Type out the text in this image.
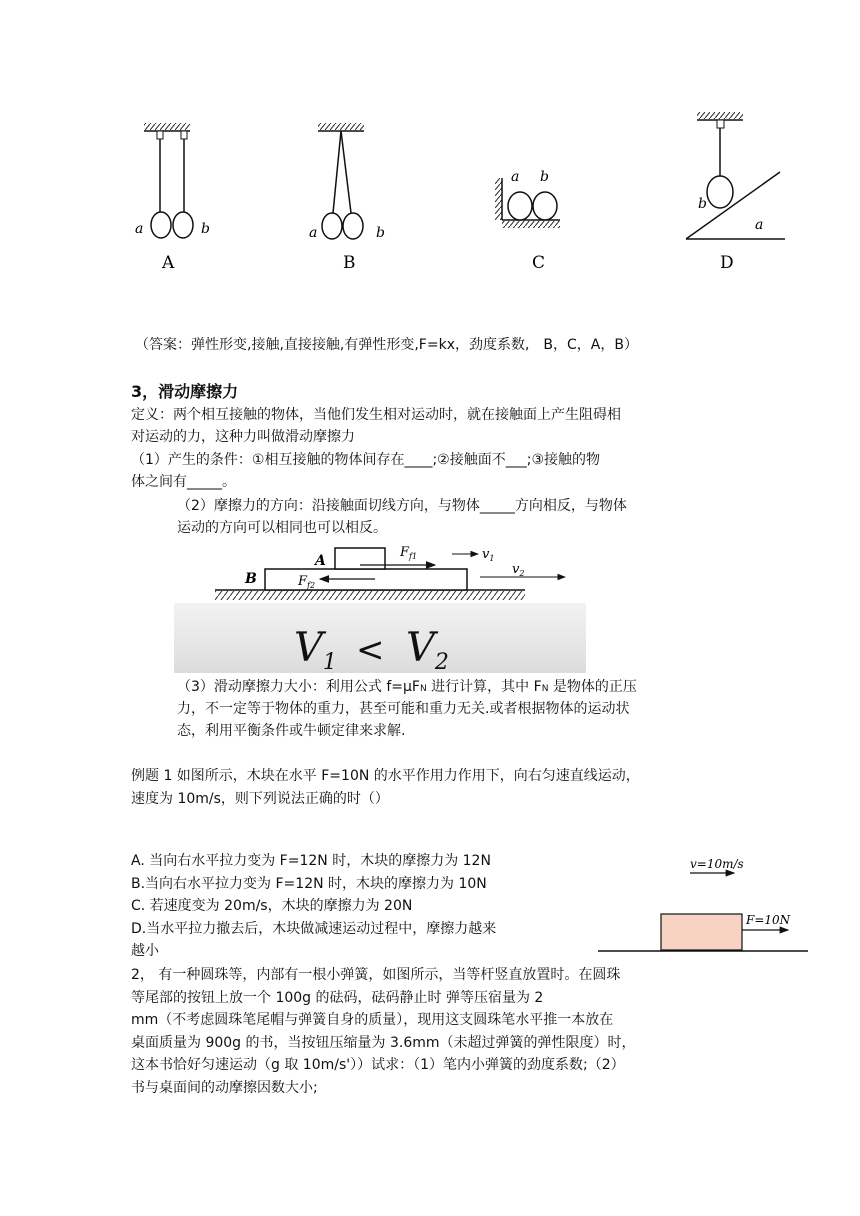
a	b
A
a	b
B
a b
C
b
a
D
（答案：弹性形变,接触,直接接触,有弹性形变,F=kx，劲度系数,　B，C，A，B）
3，滑动摩擦力
定义：两个相互接触的物体，当他们发生相对运动时，就在接触面上产生阻碍相
对运动的力，这种力叫做滑动摩擦力
（1）产生的条件：①相互接触的物体间存在____;②接触面不___;③接触的物
体之间有_____。
（2）摩擦力的方向：沿接触面切线方向，与物体_____方向相反，与物体
运动的方向可以相同也可以相反。
A
B
$F_{f1}$	$v_1$
$F_{f2}$
$v_2$
$V_1 < V_2$
（3）滑动摩擦力大小：利用公式 f=μFN 进行计算，其中 FN 是物体的正压
力，不一定等于物体的重力，甚至可能和重力无关.或者根据物体的运动状
态，利用平衡条件或牛顿定律来求解.
例题 1 如图所示，木块在水平 F=10N 的水平作用力作用下，向右匀速直线运动，
速度为 10m/s，则下列说法正确的时（）
A. 当向右水平拉力变为 F=12N 时，木块的摩擦力为 12N
B.当向右水平拉力变为 F=12N 时，木块的摩擦力为 10N
C. 若速度变为 20m/s，木块的摩擦力为 20N
D.当水平拉力撤去后，木块做减速运动过程中，摩擦力越来
越小
v=10m/s
F=10N
2， 有一种圆珠等，内部有一根小弹簧，如图所示，当等杆竖直放置时。在圆珠
等尾部的按钮上放一个 100g 的砝码，砝码静止时 弹等压宿量为 2
mm（不考虑圆珠笔尾帽与弹簧自身的质量），现用这支圆珠笔水平推一本放在
桌面质量为 900g 的书，当按钮压缩量为 3.6mm（未超过弹簧的弹性限度）时，
这本书恰好匀速运动（g 取 10m/s'））试求：（1）笔内小弹簧的劲度系数;（2）
书与桌面间的动摩擦因数大小;
